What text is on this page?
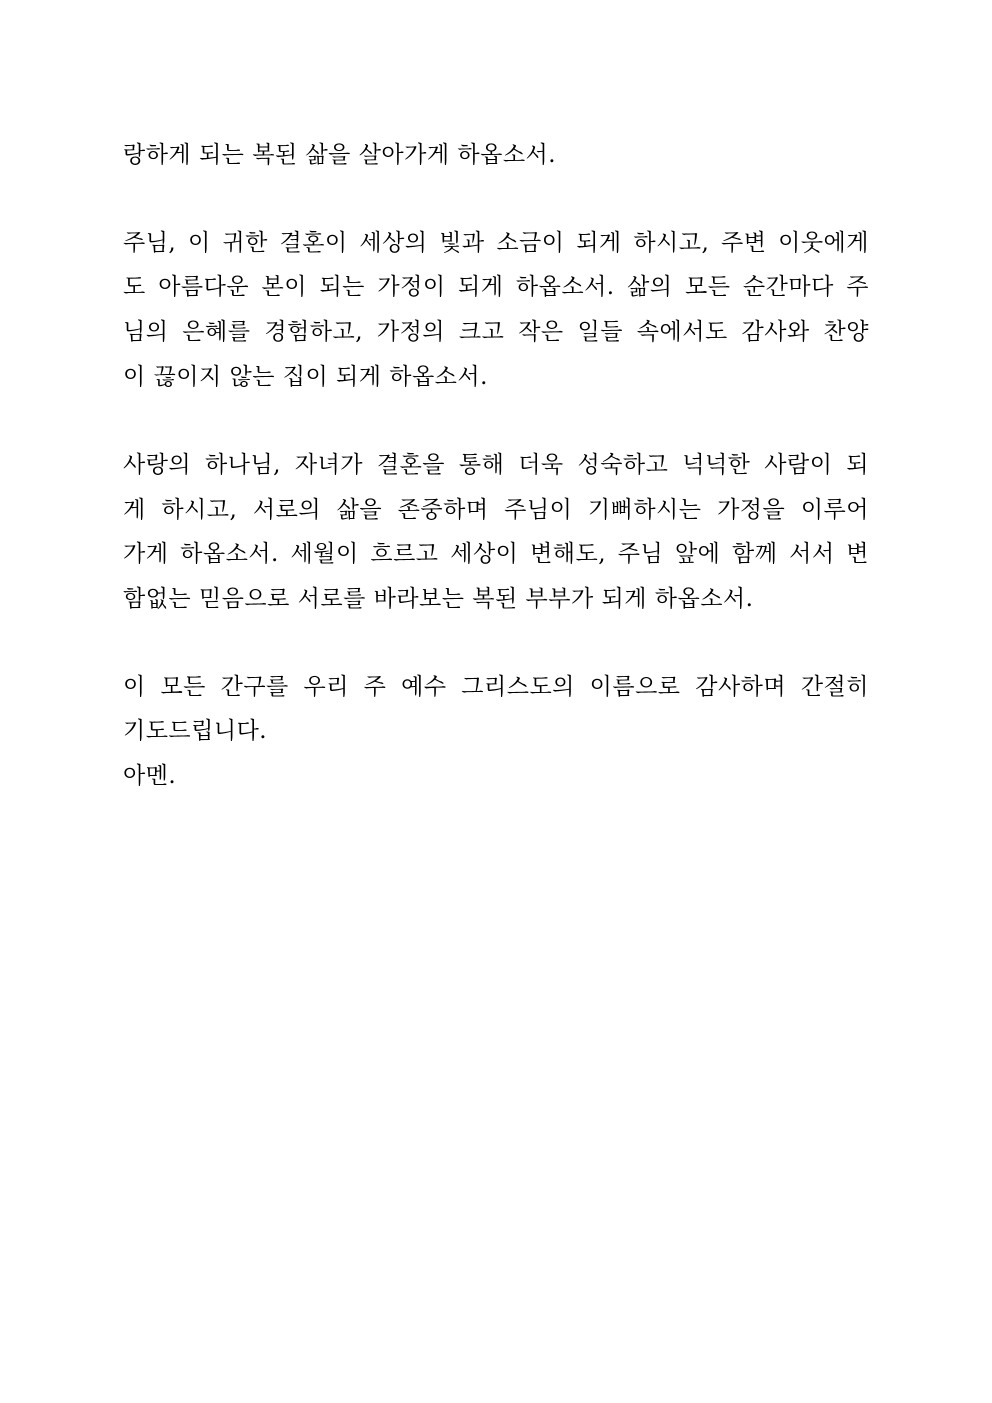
랑하게 되는 복된 삶을 살아가게 하옵소서.
주님, 이 귀한 결혼이 세상의 빛과 소금이 되게 하시고, 주변 이웃에게
도 아름다운 본이 되는 가정이 되게 하옵소서. 삶의 모든 순간마다 주
님의 은혜를 경험하고, 가정의 크고 작은 일들 속에서도 감사와 찬양
이 끊이지 않는 집이 되게 하옵소서.
사랑의 하나님, 자녀가 결혼을 통해 더욱 성숙하고 넉넉한 사람이 되
게 하시고, 서로의 삶을 존중하며 주님이 기뻐하시는 가정을 이루어
가게 하옵소서. 세월이 흐르고 세상이 변해도, 주님 앞에 함께 서서 변
함없는 믿음으로 서로를 바라보는 복된 부부가 되게 하옵소서.
이 모든 간구를 우리 주 예수 그리스도의 이름으로 감사하며 간절히
기도드립니다.
아멘.
